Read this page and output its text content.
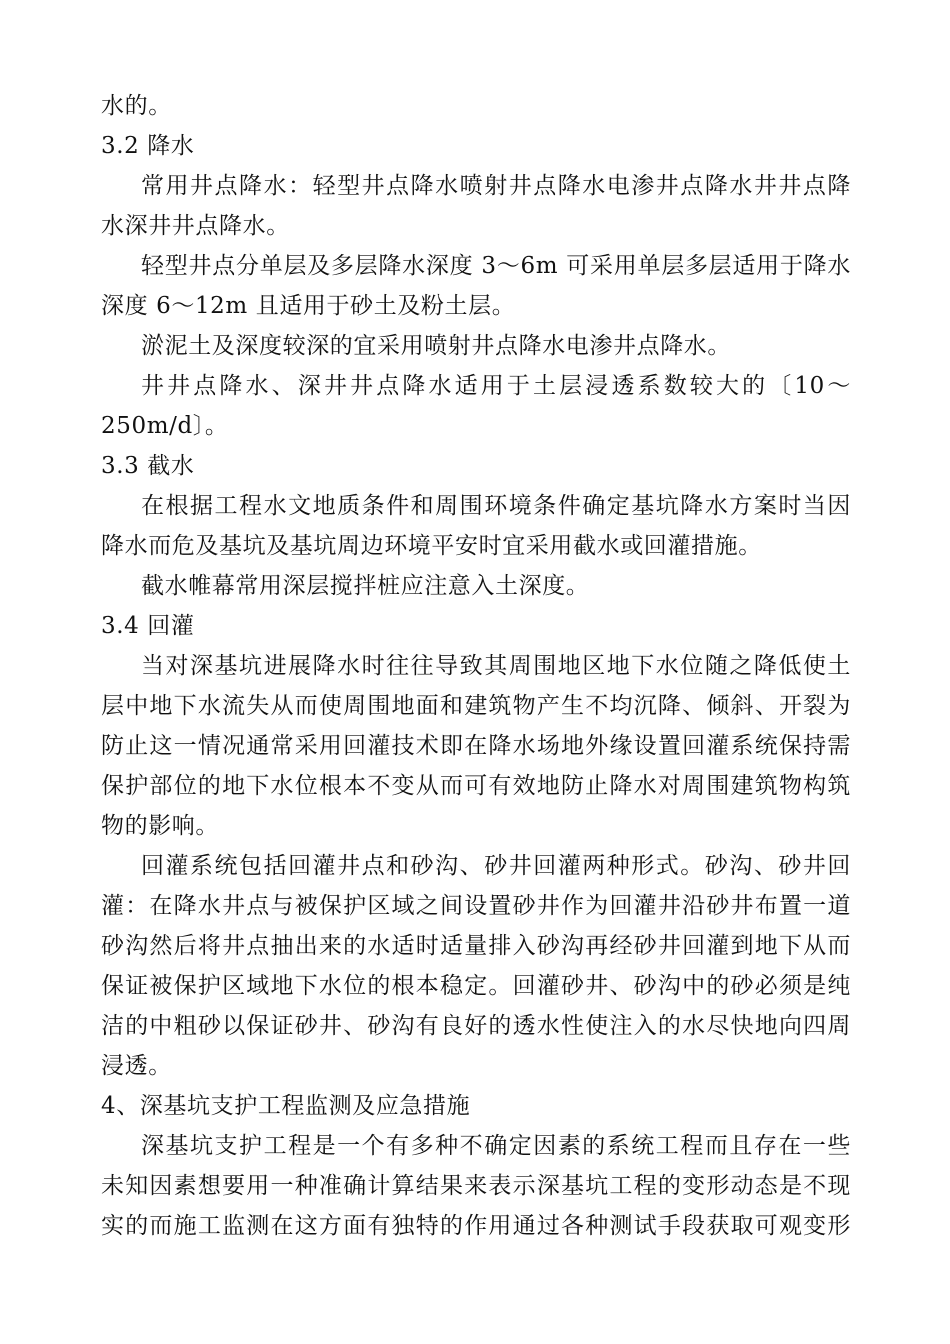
水的。
3.2 降水
常用井点降水：轻型井点降水喷射井点降水电渗井点降水井井点降
水深井井点降水。
轻型井点分单层及多层降水深度 3～6m 可采用单层多层适用于降水
深度 6～12m 且适用于砂土及粉土层。
淤泥土及深度较深的宜采用喷射井点降水电渗井点降水。
井井点降水、深井井点降水适用于土层浸透系数较大的〔10～
250m/d〕。
3.3 截水
在根据工程水文地质条件和周围环境条件确定基坑降水方案时当因
降水而危及基坑及基坑周边环境平安时宜采用截水或回灌措施。
截水帷幕常用深层搅拌桩应注意入土深度。
3.4 回灌
当对深基坑进展降水时往往导致其周围地区地下水位随之降低使土
层中地下水流失从而使周围地面和建筑物产生不均沉降、倾斜、开裂为
防止这一情况通常采用回灌技术即在降水场地外缘设置回灌系统保持需
保护部位的地下水位根本不变从而可有效地防止降水对周围建筑物构筑
物的影响。
回灌系统包括回灌井点和砂沟、砂井回灌两种形式。砂沟、砂井回
灌：在降水井点与被保护区域之间设置砂井作为回灌井沿砂井布置一道
砂沟然后将井点抽出来的水适时适量排入砂沟再经砂井回灌到地下从而
保证被保护区域地下水位的根本稳定。回灌砂井、砂沟中的砂必须是纯
洁的中粗砂以保证砂井、砂沟有良好的透水性使注入的水尽快地向四周
浸透。
4、深基坑支护工程监测及应急措施
深基坑支护工程是一个有多种不确定因素的系统工程而且存在一些
未知因素想要用一种准确计算结果来表示深基坑工程的变形动态是不现
实的而施工监测在这方面有独特的作用通过各种测试手段获取可观变形
